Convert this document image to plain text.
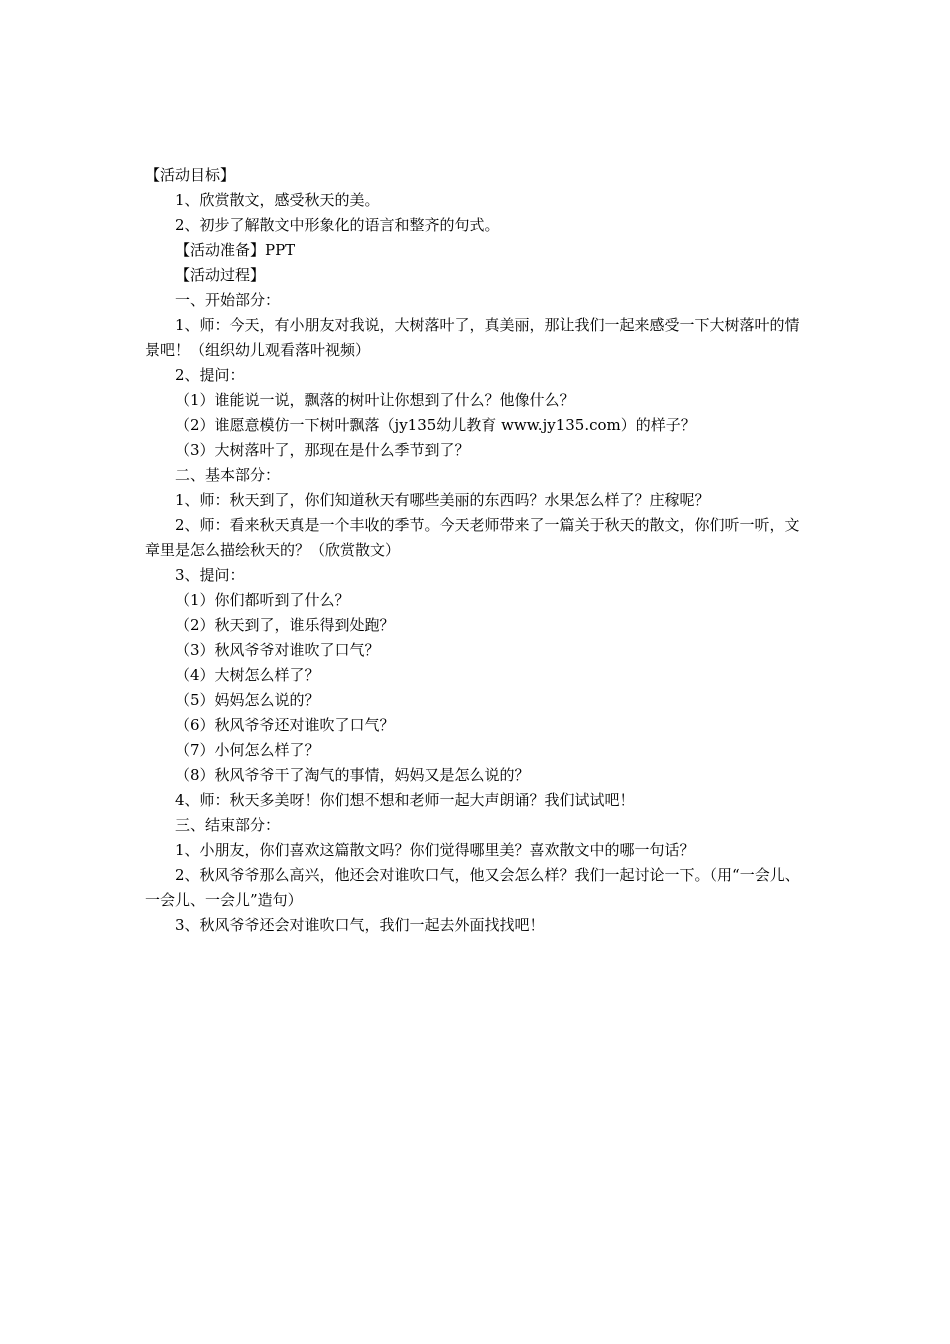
【活动目标】

1、欣赏散文，感受秋天的美。

2、初步了解散文中形象化的语言和整齐的句式。

【活动准备】PPT

【活动过程】

一、开始部分：

1、师：今天，有小朋友对我说，大树落叶了，真美丽，那让我们一起来感受一下大树落叶的情景吧！（组织幼儿观看落叶视频）

2、提问：

（1）谁能说一说，飘落的树叶让你想到了什么？他像什么？

（2）谁愿意模仿一下树叶飘落（jy135幼儿教育 www.jy135.com）的样子？

（3）大树落叶了，那现在是什么季节到了？

二、基本部分：

1、师：秋天到了，你们知道秋天有哪些美丽的东西吗？水果怎么样了？庄稼呢？

2、师：看来秋天真是一个丰收的季节。今天老师带来了一篇关于秋天的散文，你们听一听，文章里是怎么描绘秋天的？（欣赏散文）

3、提问：

（1）你们都听到了什么？

（2）秋天到了，谁乐得到处跑？

（3）秋风爷爷对谁吹了口气？

（4）大树怎么样了？

（5）妈妈怎么说的？

（6）秋风爷爷还对谁吹了口气？

（7）小何怎么样了？

（8）秋风爷爷干了淘气的事情，妈妈又是怎么说的？

4、师：秋天多美呀！你们想不想和老师一起大声朗诵？我们试试吧！

三、结束部分：

1、小朋友，你们喜欢这篇散文吗？你们觉得哪里美？喜欢散文中的哪一句话？

2、秋风爷爷那么高兴，他还会对谁吹口气，他又会怎么样？我们一起讨论一下。（用“一会儿、一会儿、一会儿”造句）

3、秋风爷爷还会对谁吹口气，我们一起去外面找找吧！
